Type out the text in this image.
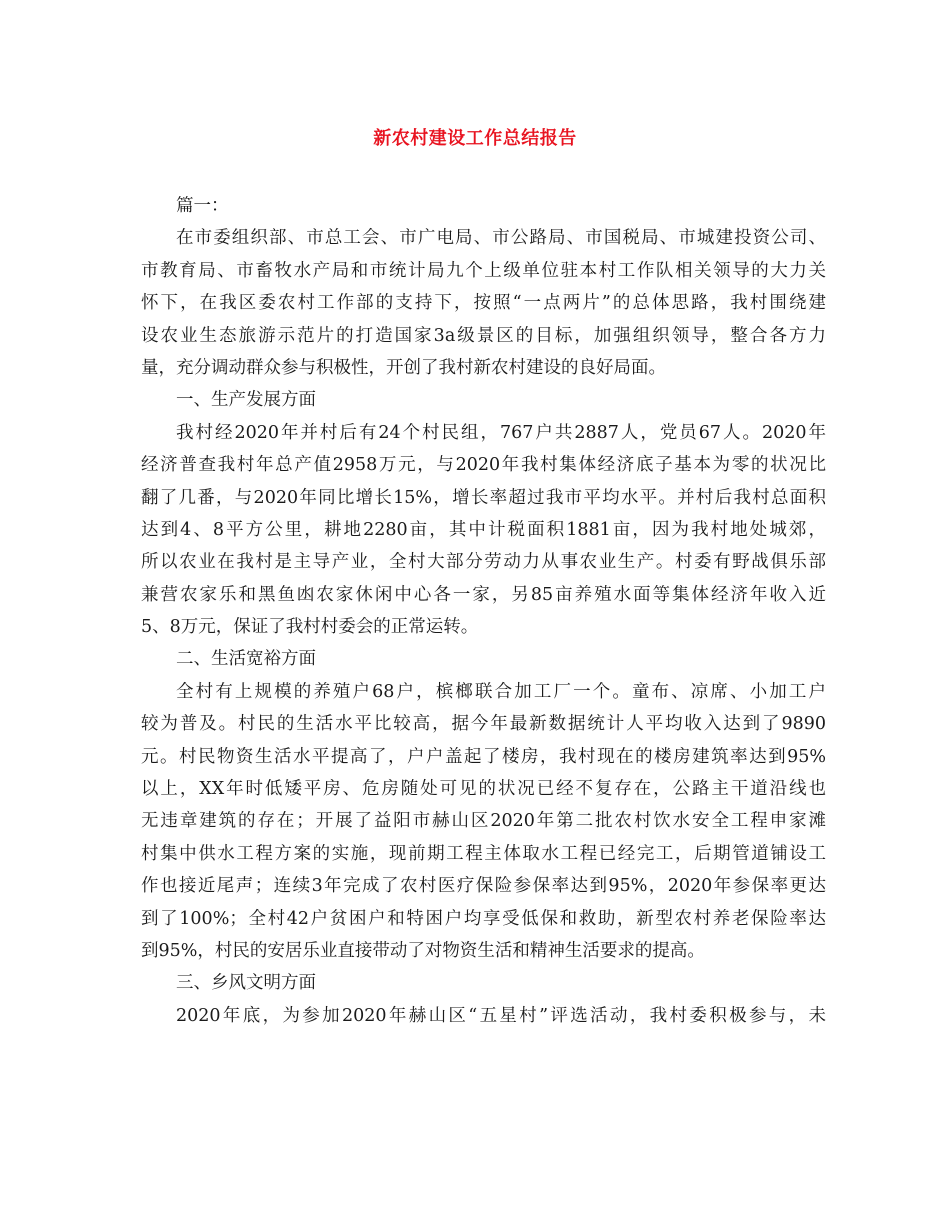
新农村建设工作总结报告
篇一：
在市委组织部、市总工会、市广电局、市公路局、市国税局、市城建投资公司、
市教育局、市畜牧水产局和市统计局九个上级单位驻本村工作队相关领导的大力关
怀下，在我区委农村工作部的支持下，按照“一点两片”的总体思路，我村围绕建
设农业生态旅游示范片的打造国家3a级景区的目标，加强组织领导，整合各方力
量，充分调动群众参与积极性，开创了我村新农村建设的良好局面。
一、生产发展方面
我村经2020年并村后有24个村民组，767户共2887人，党员67人。2020年
经济普查我村年总产值2958万元，与2020年我村集体经济底子基本为零的状况比
翻了几番，与2020年同比增长15%，增长率超过我市平均水平。并村后我村总面积
达到4、8平方公里，耕地2280亩，其中计税面积1881亩，因为我村地处城郊，
所以农业在我村是主导产业，全村大部分劳动力从事农业生产。村委有野战俱乐部
兼营农家乐和黑鱼凼农家休闲中心各一家，另85亩养殖水面等集体经济年收入近
5、8万元，保证了我村村委会的正常运转。
二、生活宽裕方面
全村有上规模的养殖户68户，槟榔联合加工厂一个。童布、凉席、小加工户
较为普及。村民的生活水平比较高，据今年最新数据统计人平均收入达到了9890
元。村民物资生活水平提高了，户户盖起了楼房，我村现在的楼房建筑率达到95%
以上，XX年时低矮平房、危房随处可见的状况已经不复存在，公路主干道沿线也
无违章建筑的存在；开展了益阳市赫山区2020年第二批农村饮水安全工程申家滩
村集中供水工程方案的实施，现前期工程主体取水工程已经完工，后期管道铺设工
作也接近尾声；连续3年完成了农村医疗保险参保率达到95%，2020年参保率更达
到了100%；全村42户贫困户和特困户均享受低保和救助，新型农村养老保险率达
到95%，村民的安居乐业直接带动了对物资生活和精神生活要求的提高。
三、乡风文明方面
2020年底，为参加2020年赫山区“五星村”评选活动，我村委积极参与，未
